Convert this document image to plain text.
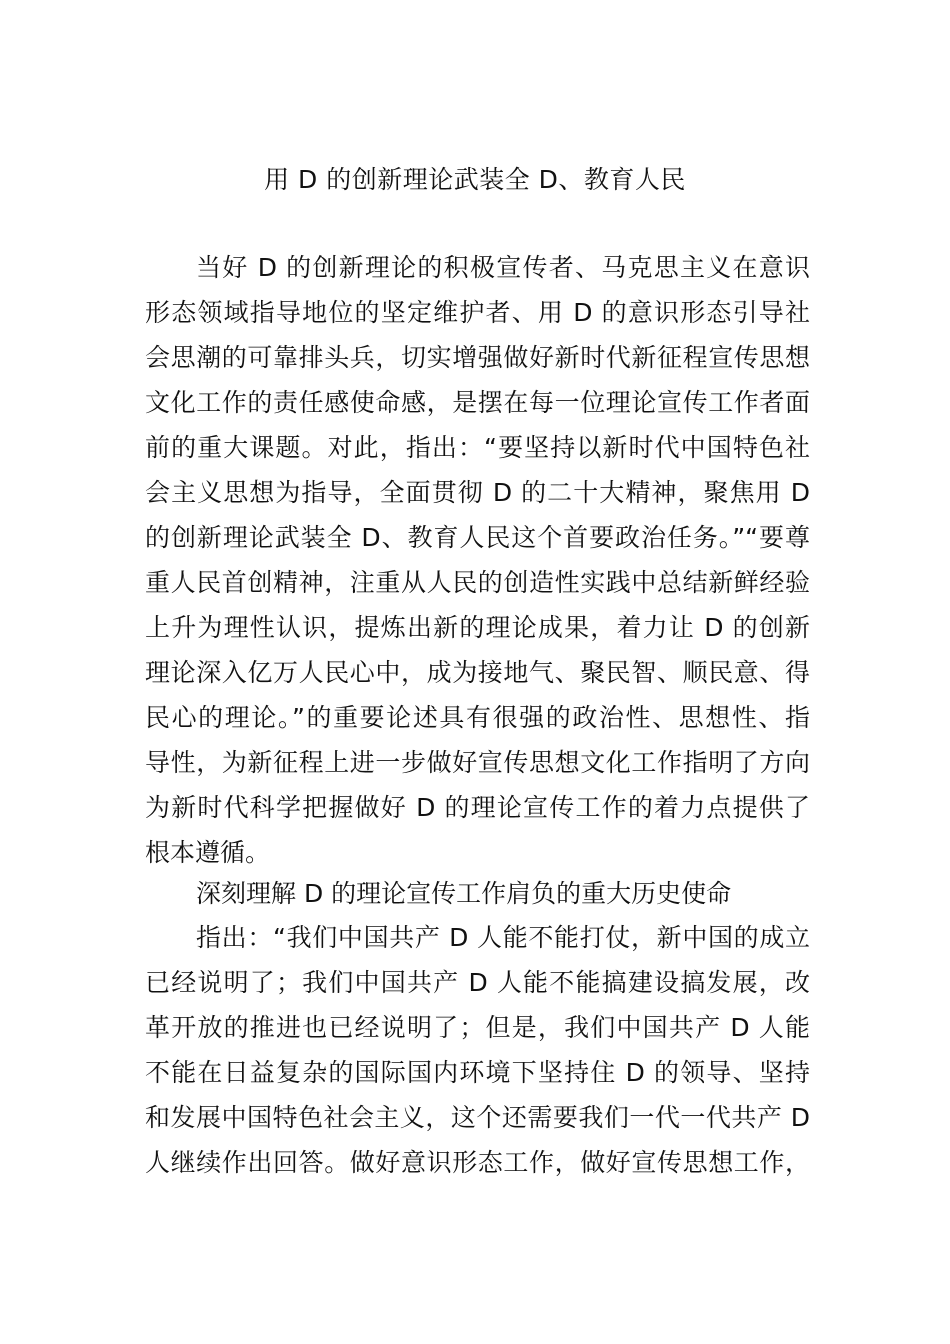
用 D 的创新理论武装全 D、教育人民
当好 D 的创新理论的积极宣传者、马克思主义在意识
形态领域指导地位的坚定维护者、用 D 的意识形态引导社
会思潮的可靠排头兵，切实增强做好新时代新征程宣传思想
文化工作的责任感使命感，是摆在每一位理论宣传工作者面
前的重大课题。对此，指出：“要坚持以新时代中国特色社
会主义思想为指导，全面贯彻 D 的二十大精神，聚焦用 D
的创新理论武装全 D、教育人民这个首要政治任务。”“要尊
重人民首创精神，注重从人民的创造性实践中总结新鲜经验
上升为理性认识，提炼出新的理论成果，着力让 D 的创新
理论深入亿万人民心中，成为接地气、聚民智、顺民意、得
民心的理论。”的重要论述具有很强的政治性、思想性、指
导性，为新征程上进一步做好宣传思想文化工作指明了方向
为新时代科学把握做好 D 的理论宣传工作的着力点提供了
根本遵循。
深刻理解 D 的理论宣传工作肩负的重大历史使命
指出：“我们中国共产 D 人能不能打仗，新中国的成立
已经说明了；我们中国共产 D 人能不能搞建设搞发展，改
革开放的推进也已经说明了；但是，我们中国共产 D 人能
不能在日益复杂的国际国内环境下坚持住 D 的领导、坚持
和发展中国特色社会主义，这个还需要我们一代一代共产 D
人继续作出回答。做好意识形态工作，做好宣传思想工作，
